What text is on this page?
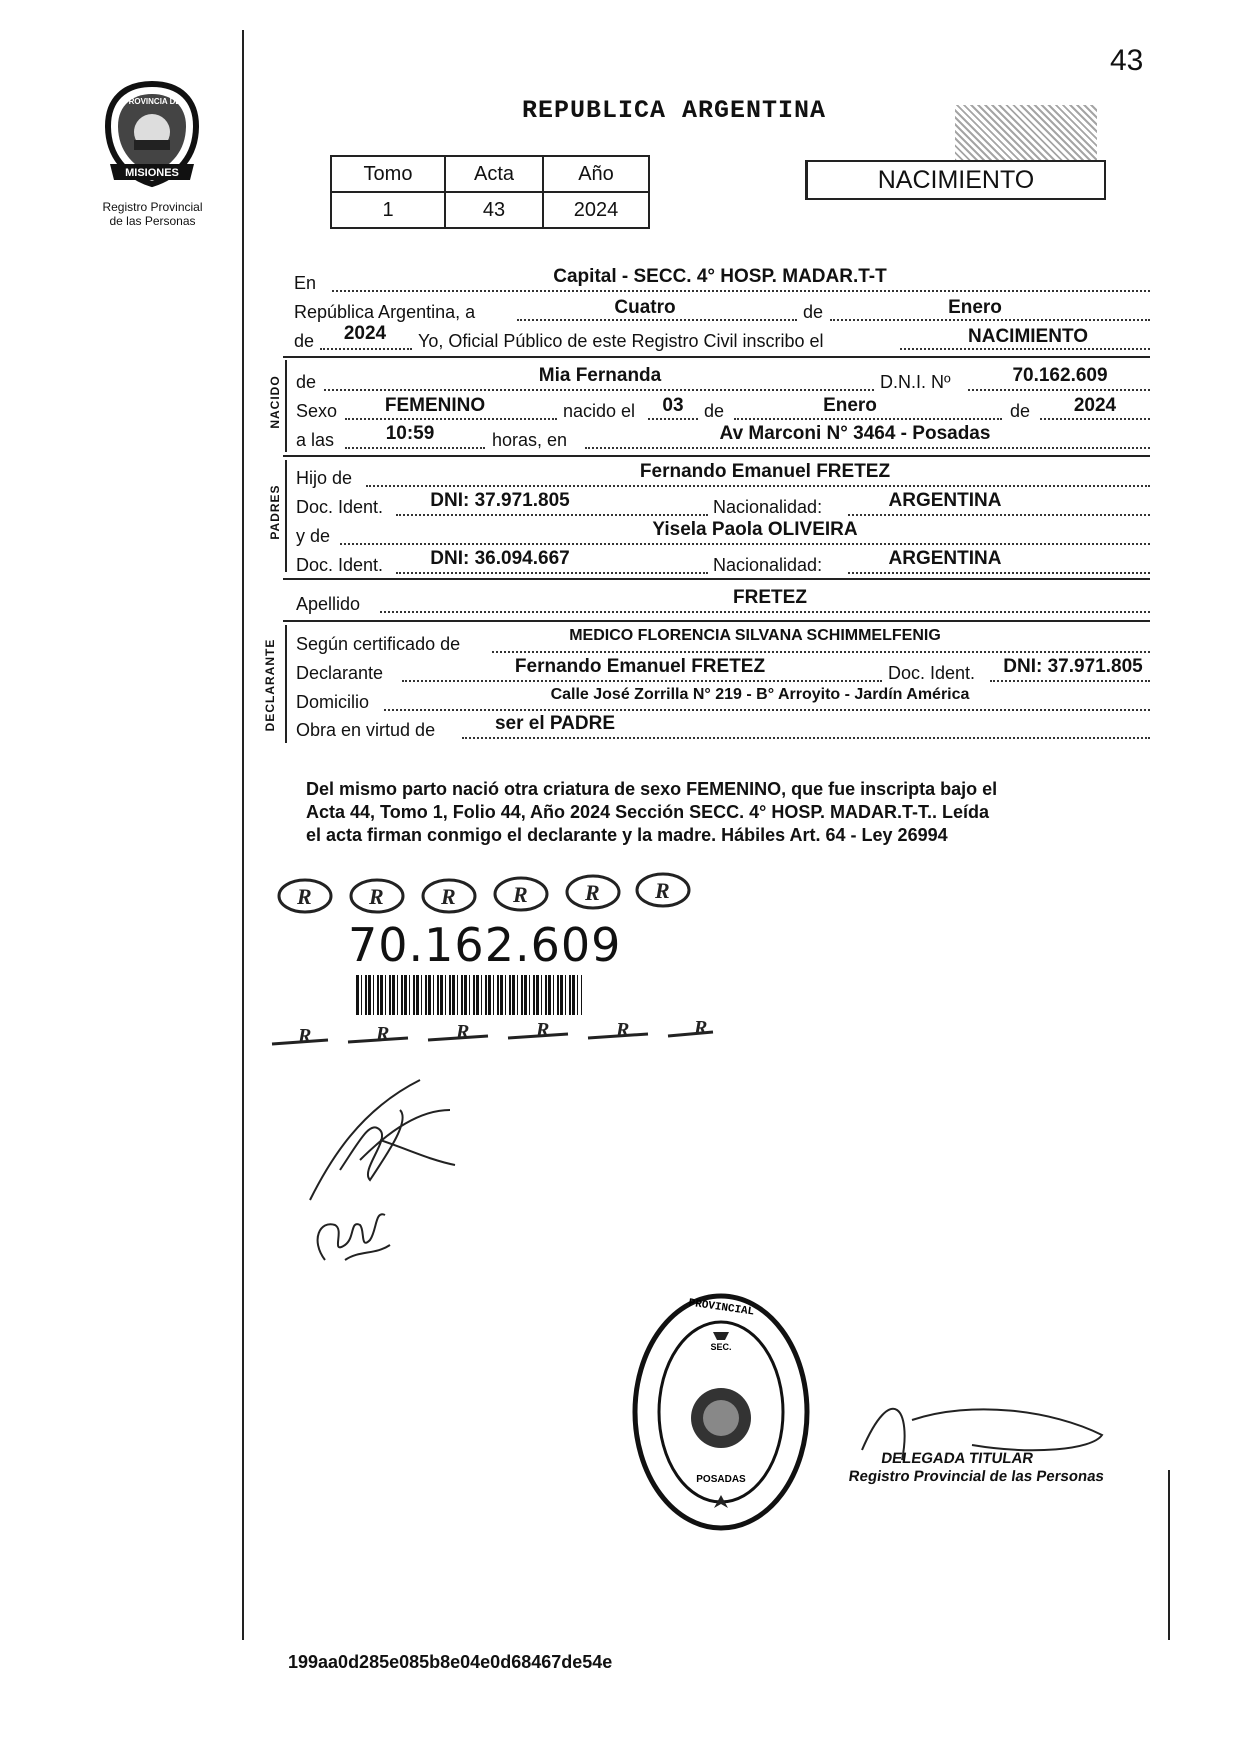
43
MISIONES
PROVINCIA DE
Registro Provincial
de las Personas
REPUBLICA ARGENTINA
NACIMIENTO
Tomo	Acta	Año
1	43	2024
En	Capital - SECC. 4° HOSP. MADAR.T-T
República Argentina, a	Cuatro	de	Enero
de	2024	Yo, Oficial Público de este Registro Civil inscribo el	NACIMIENTO
NACIDO de	Mia Fernanda	D.N.I. Nº	70.162.609
Sexo	FEMENINO	nacido el	03	de	Enero	de	2024
a las	10:59	horas, en	Av Marconi N° 3464 - Posadas
PADRES
Hijo de	Fernando Emanuel FRETEZ
Doc. Ident.	DNI: 37.971.805	Nacionalidad:	ARGENTINA
y de	Yisela Paola OLIVEIRA
Doc. Ident.	DNI: 36.094.667	Nacionalidad:	ARGENTINA
Apellido	FRETEZ
DECLARANTE Según certificado de	MEDICO FLORENCIA SILVANA SCHIMMELFENIG
Declarante	Fernando Emanuel FRETEZ	Doc. Ident.	DNI: 37.971.805
Domicilio	Calle José Zorrilla N° 219 - B° Arroyito - Jardín América
Obra en virtud de	ser el PADRE
Del mismo parto nació otra criatura de sexo FEMENINO, que fue inscripta bajo el
Acta 44, Tomo 1, Folio 44, Año 2024 Sección SECC. 4° HOSP. MADAR.T-T.. Leída
el acta firman conmigo el declarante y la madre. Hábiles Art. 64 - Ley 26994
R	R	R	R	R	R
70.162.609
R	R	R	R	R	R
PROVINCIAL
SEC.
POSADAS
DELEGADA TITULAR
Registro Provincial de las Personas
199aa0d285e085b8e04e0d68467de54e
